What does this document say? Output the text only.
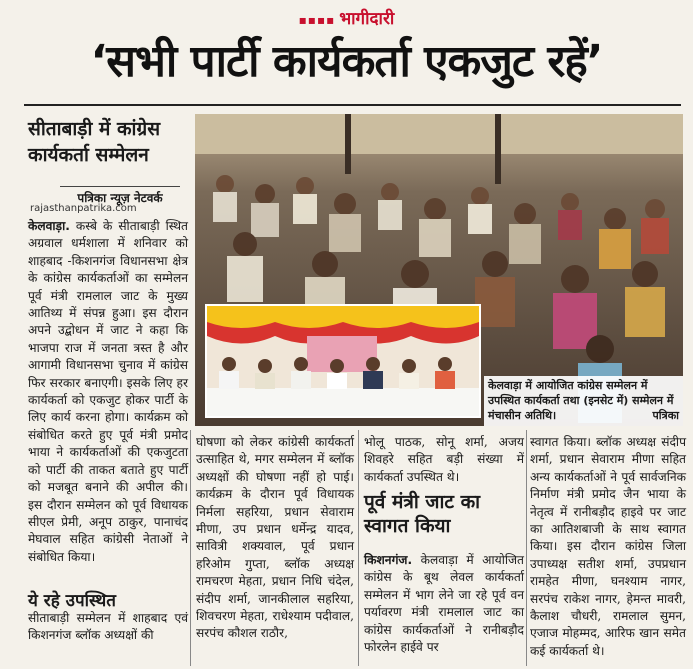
▪▪▪▪ भागीदारी
‘सभी पार्टी कार्यकर्ता एकजुट रहें’
सीताबाड़ी में कांग्रेस कार्यकर्ता सम्मेलन
पत्रिका न्यूज़ नेटवर्क
rajasthanpatrika.com
केलवाड़ा. कस्बे के सीताबाड़ी स्थित अग्रवाल धर्मशाला में शनिवार को शाहबाद -किशनगंज विधानसभा क्षेत्र के कांग्रेस कार्यकर्ताओं का सम्मेलन पूर्व मंत्री रामलाल जाट के मुख्य आतिथ्य में संपन्न हुआ। इस दौरान अपने उद्बोधन में जाट ने कहा कि भाजपा राज में जनता त्रस्त है और आगामी विधानसभा चुनाव में कांग्रेस फिर सरकार बनाएगी। इसके लिए हर कार्यकर्ता को एकजुट होकर पार्टी के लिए कार्य करना होगा। कार्यक्रम को संबोधित करते हुए पूर्व मंत्री प्रमोद भाया ने कार्यकर्ताओं की एकजुटता को पार्टी की ताकत बताते हुए पार्टी को मजबूत बनाने की अपील की। इस दौरान सम्मेलन को पूर्व विधायक सीएल प्रेमी, अनूप ठाकुर, पानाचंद मेघवाल सहित कांग्रेसी नेताओं ने संबोधित किया।
ये रहे उपस्थित
सीताबाड़ी सम्मेलन में शाहबाद एवं किशनगंज ब्लॉक अध्यक्षों की
घोषणा को लेकर कांग्रेसी कार्यकर्ता उत्साहित थे, मगर सम्मेलन में ब्लॉक अध्यक्षों की घोषणा नहीं हो पाई। कार्यक्रम के दौरान पूर्व विधायक निर्मला सहरिया, प्रधान सेवाराम मीणा, उप प्रधान धर्मेन्द्र यादव, सावित्री शक्यवाल, पूर्व प्रधान हरिओम गुप्ता, ब्लॉक अध्यक्ष रामचरण मेहता, प्रधान निधि चंदेल, संदीप शर्मा, जानकीलाल सहरिया, शिवचरण मेहता, राधेश्याम पदीवाल, सरपंच कौशल राठौर,
भोलू पाठक, सोनू शर्मा, अजय शिवहरे सहित बड़ी संख्या में कार्यकर्ता उपस्थित थे।
पूर्व मंत्री जाट का स्वागत किया
किशनगंज. केलवाड़ा में आयोजित कांग्रेस के बूथ लेवल कार्यकर्ता सम्मेलन में भाग लेने जा रहे पूर्व वन पर्यावरण मंत्री रामलाल जाट का कांग्रेस कार्यकर्ताओं ने रानीबड़ौद फोरलेन हाईवे पर
स्वागत किया। ब्लॉक अध्यक्ष संदीप शर्मा, प्रधान सेवाराम मीणा सहित अन्य कार्यकर्ताओं ने पूर्व सार्वजनिक निर्माण मंत्री प्रमोद जैन भाया के नेतृत्व में रानीबड़ौद हाइवे पर जाट का आतिशबाजी के साथ स्वागत किया। इस दौरान कांग्रेस जिला उपाध्यक्ष सतीश शर्मा, उपप्रधान रामहेत मीणा, घनश्याम नागर, सरपंच राकेश नागर, हेमन्त मावरी, कैलाश चौधरी, रामलाल सुमन, एजाज मोहम्मद, आरिफ खान समेत कई कार्यकर्ता थे।
केलवाड़ा में आयोजित कांग्रेस सम्मेलन में उपस्थित कार्यकर्ता तथा (इनसेट में) सम्मेलन में मंचासीन अतिथि।	पत्रिका
